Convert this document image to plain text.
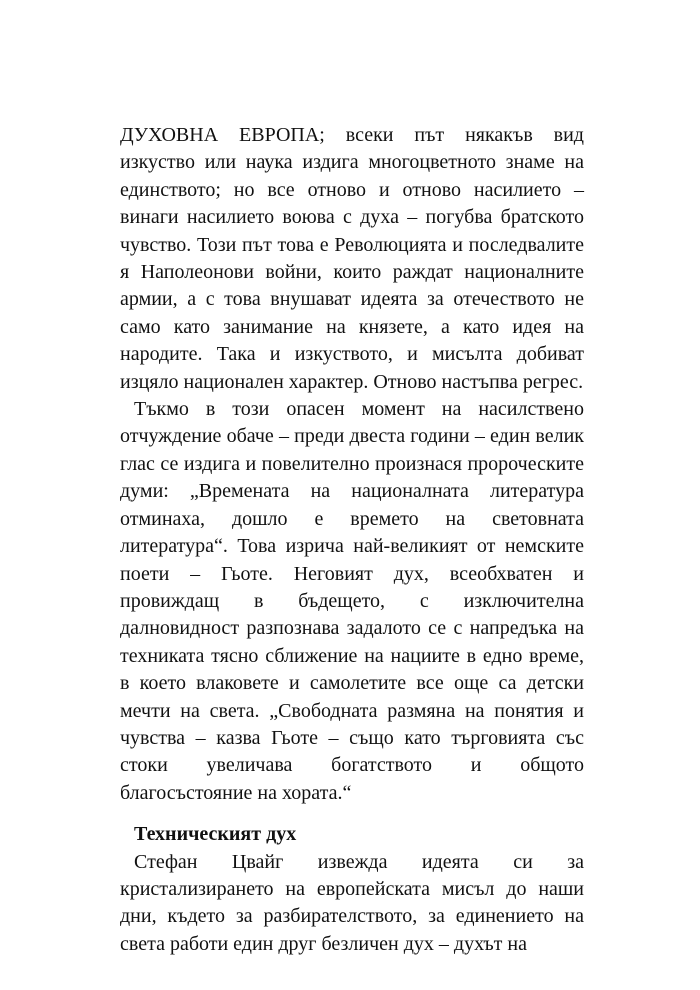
ДУХОВНА ЕВРОПА; всеки път някакъв вид изкуство или наука издига многоцветното знаме на единството; но все отново и отново насилието – винаги насилието воюва с духа – погубва братското чувство. Този път това е Революцията и последвалите я Наполеонови войни, които раждат националните армии, а с това внушават идеята за отечеството не само като занимание на князете, а като идея на народите. Така и изкуството, и мисълта добиват изцяло национален характер. Отново настъпва регрес.

Тъкмо в този опасен момент на насилствено отчуждение обаче – преди двеста години – един велик глас се издига и повелително произнася пророческите думи: „Времената на националната литература отминаха, дошло е времето на световната литература“. Това изрича най-великият от немските поети – Гьоте. Неговият дух, всеобхватен и провиждащ в бъдещето, с изключителна далновидност разпознава задалото се с напредъка на техниката тясно сближение на нациите в едно време, в което влаковете и самолетите все още са детски мечти на света. „Свободната размяна на понятия и чувства – казва Гьоте – също като търговията със стоки увеличава богатството и общото благосъстояние на хората.“

Техническият дух

Стефан Цвайг извежда идеята си за кристализирането на европейската мисъл до наши дни, където за разбирателството, за единението на света работи един друг безличен дух – духът на
